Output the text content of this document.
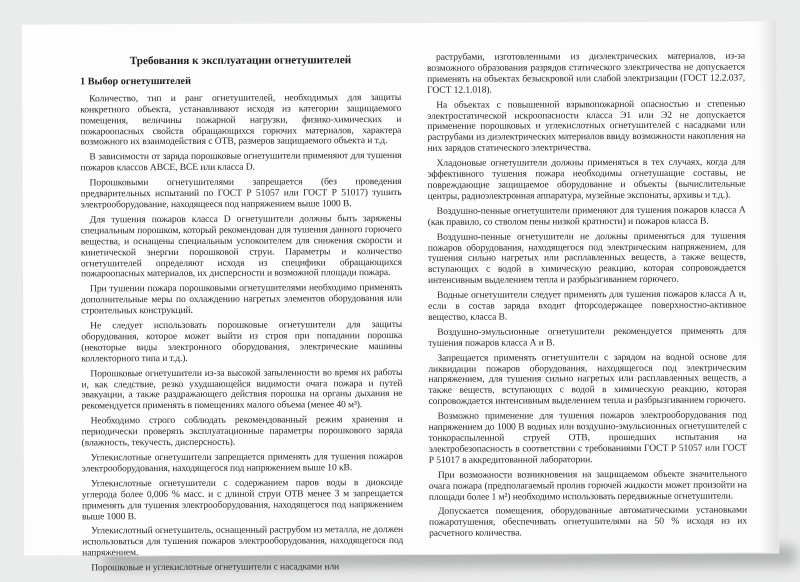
Требования к эксплуатации огнетушителей
1 Выбор огнетушителей

Количество, тип и ранг огнетушителей, необходимых для защиты конкретного объекта, устанавливают исходя из категории защищаемого помещения, величины пожарной нагрузки, физико-химических и пожароопасных свойств обращающихся горючих материалов, характера возможного их взаимодействия с ОТВ, размеров защищаемого объекта и т.д.

В зависимости от заряда порошковые огнетушители применяют для тушения пожаров классов АВСЕ, ВСЕ или класса D.

Порошковыми огнетушителями запрещается (без проведения предварительных испытаний по ГОСТ Р 51057 или ГОСТ Р 51017) тушить электрооборудование, находящееся под напряжением выше 1000 В.

Для тушения пожаров класса D огнетушители должны быть заряжены специальным порошком, который рекомендован для тушения данного горючего вещества, и оснащены специальным успокоителем для снижения скорости и кинетической энергии порошковой струи. Параметры и количество огнетушителей определяют исходя из специфики обращающихся пожароопасных материалов, их дисперсности и возможной площади пожара.

При тушении пожара порошковыми огнетушителями необходимо применять дополнительные меры по охлаждению нагретых элементов оборудования или строительных конструкций.

Не следует использовать порошковые огнетушители для защиты оборудования, которое может выйти из строя при попадании порошка (некоторые виды электронного оборудования, электрические машины коллекторного типа и т.д.).

Порошковые огнетушители из-за высокой запыленности во время их работы и, как следствие, резко ухудшающейся видимости очага пожара и путей эвакуации, а также раздражающего действия порошка на органы дыхания не рекомендуется применять в помещениях малого объема (менее 40 м³).

Необходимо строго соблюдать рекомендованный режим хранения и периодически проверять эксплуатационные параметры порошкового заряда (влажность, текучесть, дисперсность).

Углекислотные огнетушители запрещается применять для тушения пожаров электрооборудования, находящегося под напряжением выше 10 кВ.

Углекислотные огнетушители с содержанием паров воды в диоксиде углерода более 0,006 % масс. и с длиной струи ОТВ менее 3 м запрещается применять для тушения электрооборудования, находящегося под напряжением выше 1000 В.

Углекислотный огнетушитель, оснащенный раструбом из металла, не должен использоваться для тушения пожаров электрооборудования, находящегося под напряжением.

Порошковые и углекислотные огнетушители с насадками или

раструбами, изготовленными из диэлектрических материалов, из-за возможного образования разрядов статического электричества не допускается применять на объектах безыскровой или слабой электризации (ГОСТ 12.2.037, ГОСТ 12.1.018).

На объектах с повышенной взрывопожарной опасностью и степенью электростатической искроопасности класса Э1 или Э2 не допускается применение порошковых и углекислотных огнетушителей с насадками или раструбами из диэлектрических материалов ввиду возможности накопления на них зарядов статического электричества.

Хладоновые огнетушители должны применяться в тех случаях, когда для эффективного тушения пожара необходимы огнетушащие составы, не повреждающие защищаемое оборудование и объекты (вычислительные центры, радиоэлектронная аппаратура, музейные экспонаты, архивы и т.д.).

Воздушно-пенные огнетушители применяют для тушения пожаров класса А (как правило, со стволом пены низкой кратности) и пожаров класса В.

Воздушно-пенные огнетушители не должны применяться для тушения пожаров оборудования, находящегося под электрическим напряжением, для тушения сильно нагретых или расплавленных веществ, а также веществ, вступающих с водой в химическую реакцию, которая сопровождается интенсивным выделением тепла и разбрызгиванием горючего.

Водные огнетушители следует применять для тушения пожаров класса А и, если в состав заряда входит фторсодержащее поверхностно-активное вещество, класса В.

Воздушно-эмульсионные огнетушители рекомендуется применять для тушения пожаров класса А и В.

Запрещается применять огнетушители с зарядом на водной основе для ликвидации пожаров оборудования, находящегося под электрическим напряжением, для тушения сильно нагретых или расплавленных веществ, а также веществ, вступающих с водой в химическую реакцию, которая сопровождается интенсивным выделением тепла и разбрызгиванием горючего.

Возможно применение для тушения пожаров электрооборудования под напряжением до 1000 В водных или воздушно-эмульсионных огнетушителей с тонкораспыленной струей ОТВ, прошедших испытания на электробезопасность в соответствии с требованиями ГОСТ Р 51057 или ГОСТ Р 51017 в аккредитованной лаборатории.

При возможности возникновения на защищаемом объекте значительного очага пожара (предполагаемый пролив горючей жидкости может произойти на площади более 1 м²) необходимо использовать передвижные огнетушители.

Допускается помещения, оборудованные автоматическими установками пожаротушения, обеспечивать огнетушителями на 50 % исходя из их расчетного количества.
